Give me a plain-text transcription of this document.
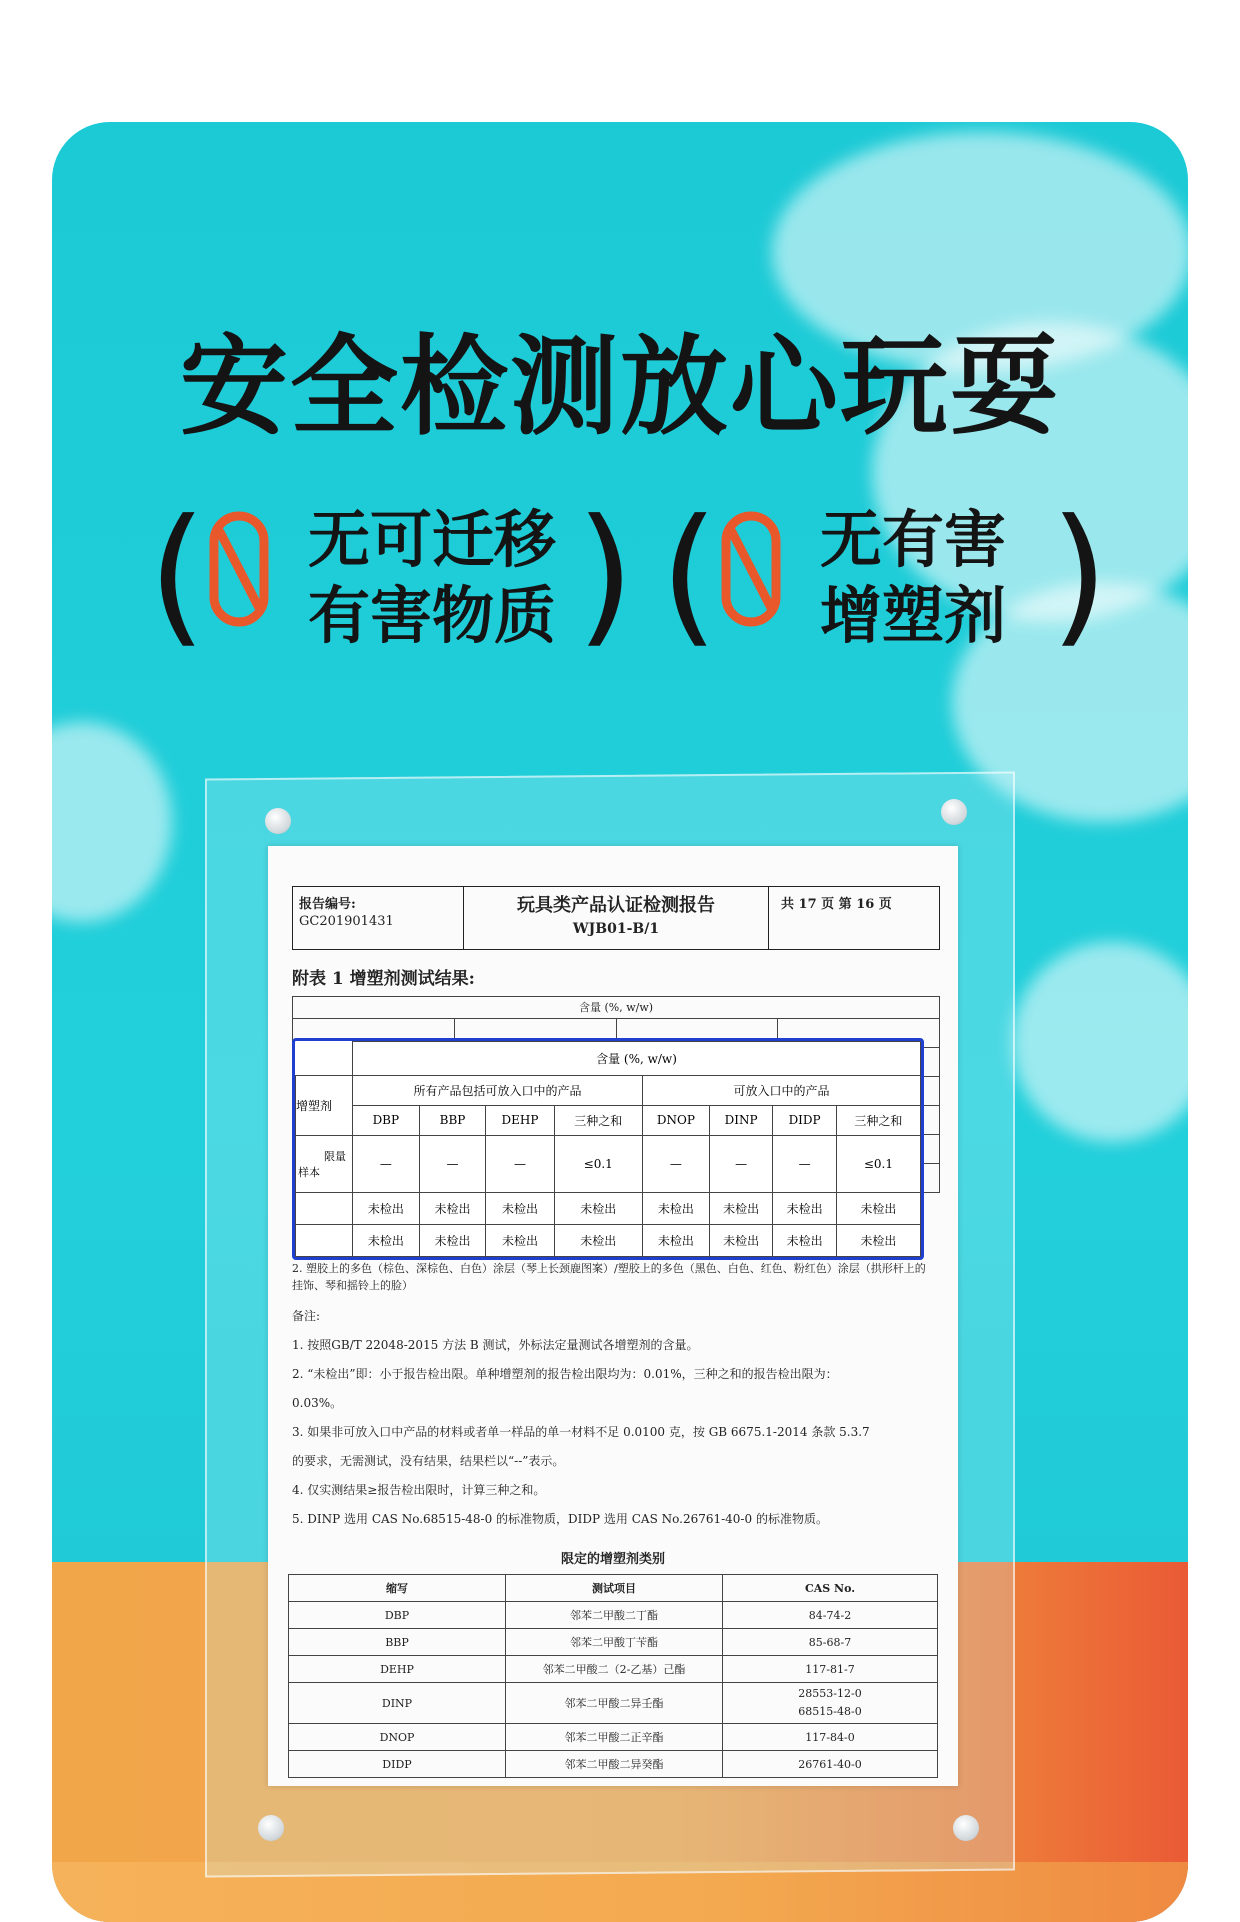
安全检测放心玩耍
( 无可迁移
有害物质 ) ( 无有害
增塑剂 )
报告编号:
GC201901431
玩具类产品认证检测报告
WJB01-B/1
共 17 页 第 16 页
附表 1 增塑剂测试结果:
含量 (%, w/w)

2. 塑胶上的多色（棕色、深棕色、白色）涂层（琴上长颈鹿图案）/塑胶上的多色（黑色、白色、红色、粉红色）涂层（拱形杆上的挂饰、琴和摇铃上的脸）

备注:

1. 按照GB/T 22048-2015 方法 B 测试，外标法定量测试各增塑剂的含量。

2. “未检出”即：小于报告检出限。单种增塑剂的报告检出限均为：0.01%，三种之和的报告检出限为：

0.03%。

3. 如果非可放入口中产品的材料或者单一样品的单一材料不足 0.0100 克，按 GB 6675.1-2014 条款 5.3.7

的要求，无需测试，没有结果，结果栏以“--”表示。

4. 仅实测结果≥报告检出限时，计算三种之和。

5. DINP 选用 CAS No.68515-48-0 的标准物质，DIDP 选用 CAS No.26761-40-0 的标准物质。

限定的增塑剂类别
缩写	测试项目	CAS No.
DBP	邻苯二甲酸二丁酯	84-74-2
BBP	邻苯二甲酸丁苄酯	85-68-7
DEHP	邻苯二甲酸二（2-乙基）己酯	117-81-7
DINP	邻苯二甲酸二异壬酯	28553-12-0
68515-48-0
DNOP	邻苯二甲酸二正辛酯	117-84-0
DIDP	邻苯二甲酸二异癸酯	26761-40-0
	含量 (%, w/w)							
增塑剂	所有产品包括可放入口中的产品				可放入口中的产品			
	DBP	BBP	DEHP	三种之和	DNOP	DINP	DIDP	三种之和

限量
样本	—	—	—	≤0.1	—	—	—	≤0.1
	未检出	未检出	未检出	未检出	未检出	未检出	未检出	未检出
	未检出	未检出	未检出	未检出	未检出	未检出	未检出	未检出
